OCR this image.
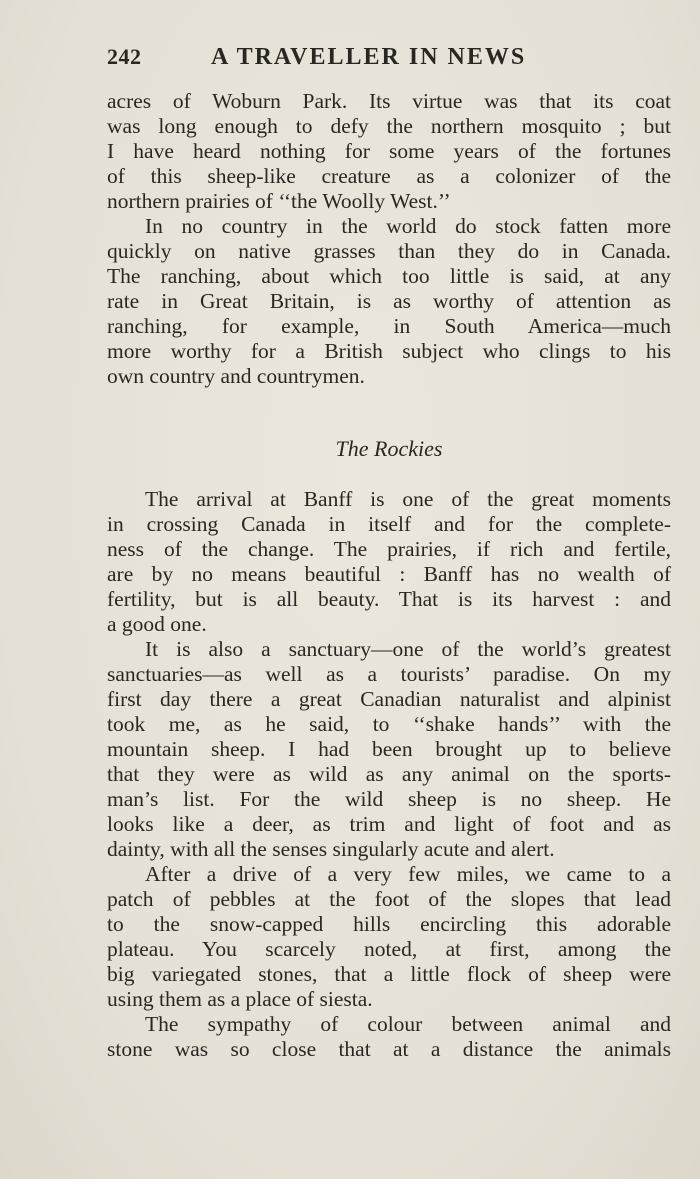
242	A TRAVELLER IN NEWS
acres of Woburn Park. Its virtue was that its coat
was long enough to defy the northern mosquito ; but
I have heard nothing for some years of the fortunes
of this sheep-like creature as a colonizer of the
northern prairies of ‘‘the Woolly West.’’
In no country in the world do stock fatten more
quickly on native grasses than they do in Canada.
The ranching, about which too little is said, at any
rate in Great Britain, is as worthy of attention as
ranching, for example, in South America—much
more worthy for a British subject who clings to his
own country and countrymen.
The Rockies
The arrival at Banff is one of the great moments
in crossing Canada in itself and for the complete-
ness of the change. The prairies, if rich and fertile,
are by no means beautiful : Banff has no wealth of
fertility, but is all beauty. That is its harvest : and
a good one.
It is also a sanctuary—one of the world’s greatest
sanctuaries—as well as a tourists’ paradise. On my
first day there a great Canadian naturalist and alpinist
took me, as he said, to ‘‘shake hands’’ with the
mountain sheep. I had been brought up to believe
that they were as wild as any animal on the sports-
man’s list. For the wild sheep is no sheep. He
looks like a deer, as trim and light of foot and as
dainty, with all the senses singularly acute and alert.
After a drive of a very few miles, we came to a
patch of pebbles at the foot of the slopes that lead
to the snow-capped hills encircling this adorable
plateau. You scarcely noted, at first, among the
big variegated stones, that a little flock of sheep were
using them as a place of siesta.
The sympathy of colour between animal and
stone was so close that at a distance the animals
